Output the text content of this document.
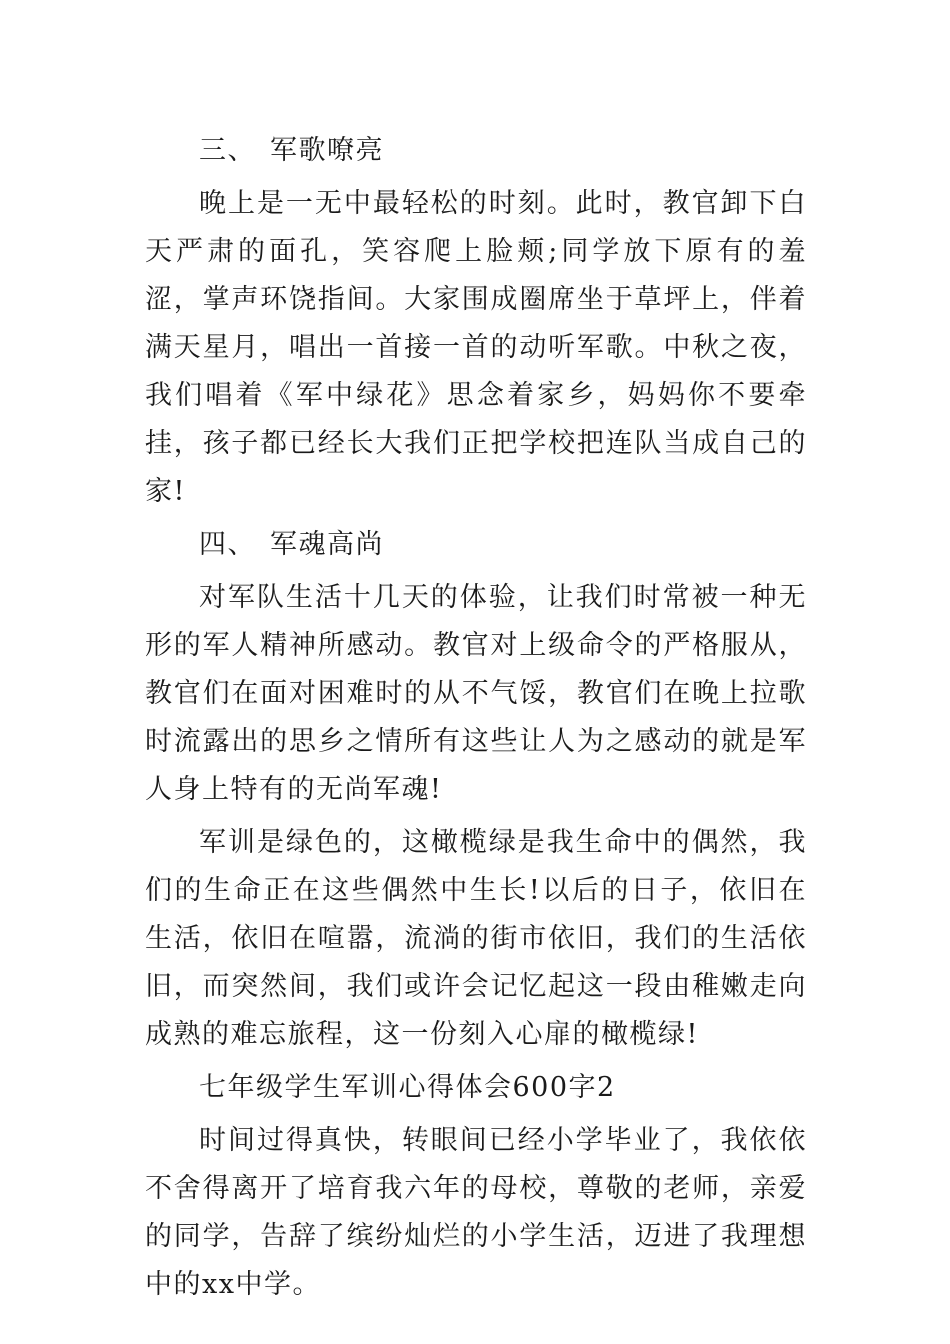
三、 军歌嘹亮

晚上是一无中最轻松的时刻。此时，教官卸下白天严肃的面孔，笑容爬上脸颊;同学放下原有的羞涩，掌声环饶指间。大家围成圈席坐于草坪上，伴着满天星月，唱出一首接一首的动听军歌。中秋之夜，我们唱着《军中绿花》思念着家乡，妈妈你不要牵挂，孩子都已经长大我们正把学校把连队当成自己的家!

四、 军魂高尚

对军队生活十几天的体验，让我们时常被一种无形的军人精神所感动。教官对上级命令的严格服从，教官们在面对困难时的从不气馁，教官们在晚上拉歌时流露出的思乡之情所有这些让人为之感动的就是军人身上特有的无尚军魂!

军训是绿色的，这橄榄绿是我生命中的偶然，我们的生命正在这些偶然中生长!以后的日子，依旧在生活，依旧在喧嚣，流淌的街市依旧，我们的生活依旧，而突然间，我们或许会记忆起这一段由稚嫩走向成熟的难忘旅程，这一份刻入心扉的橄榄绿!

七年级学生军训心得体会600字2

时间过得真快，转眼间已经小学毕业了，我依依不舍得离开了培育我六年的母校，尊敬的老师，亲爱的同学，告辞了缤纷灿烂的小学生活，迈进了我理想中的xx中学。
